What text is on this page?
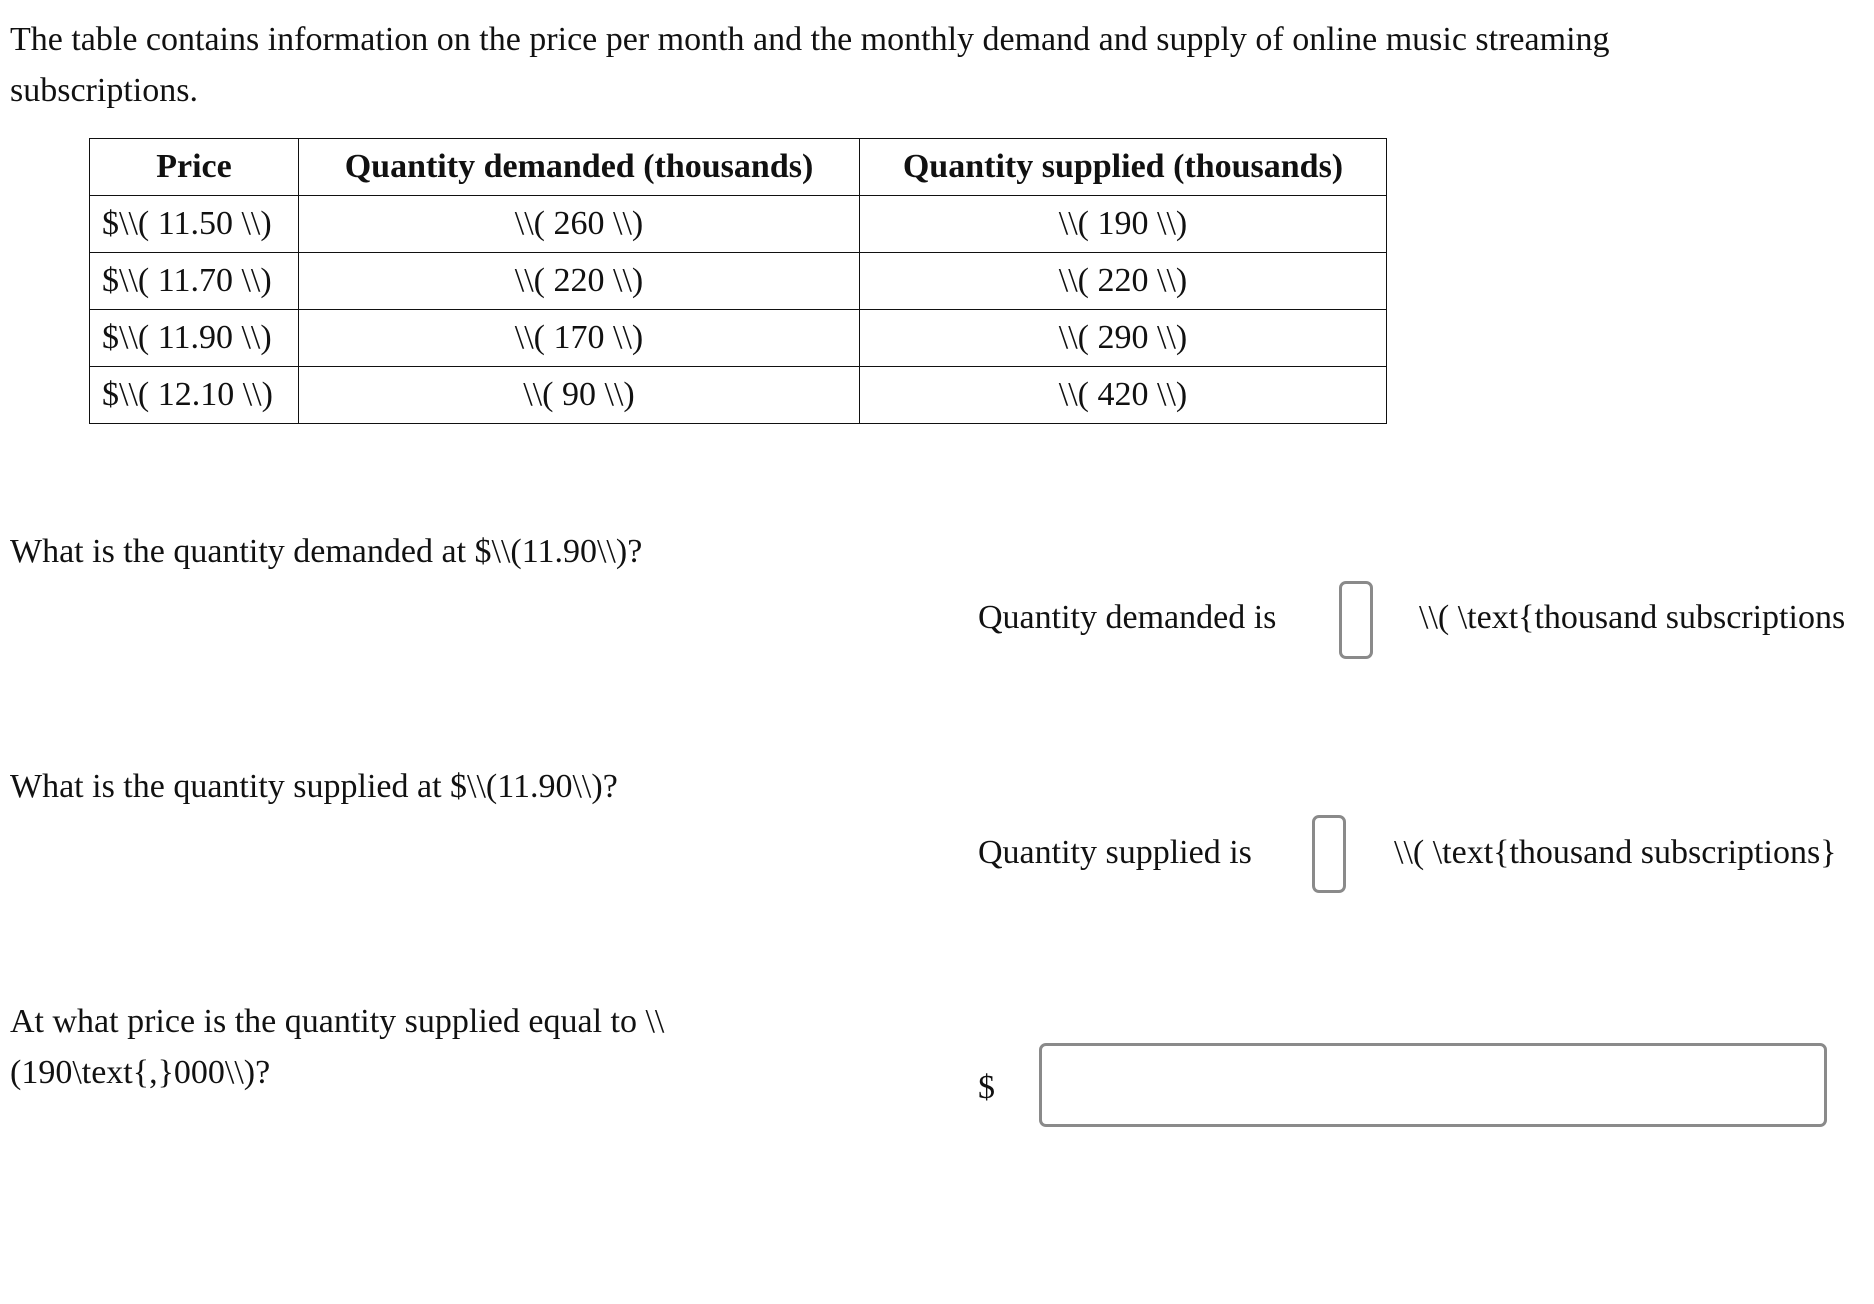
The table contains information on the price per month and the monthly demand and supply of online music streaming subscriptions.

Price	Quantity demanded (thousands)	Quantity supplied (thousands)
$\\( 11.50 \\)	\\( 260 \\)	\\( 190 \\)
$\\( 11.70 \\)	\\( 220 \\)	\\( 220 \\)
$\\( 11.90 \\)	\\( 170 \\)	\\( 290 \\)
$\\( 12.10 \\)	\\( 90 \\)	\\( 420 \\)

What is the quantity demanded at $\\(11.90\\)?

Quantity demanded is	\\( \text{thousand subscriptions

What is the quantity supplied at $\\(11.90\\)?

Quantity supplied is	\\( \text{thousand subscriptions}

At what price is the quantity supplied equal to \\ (190\text{,}000\\)?	$
